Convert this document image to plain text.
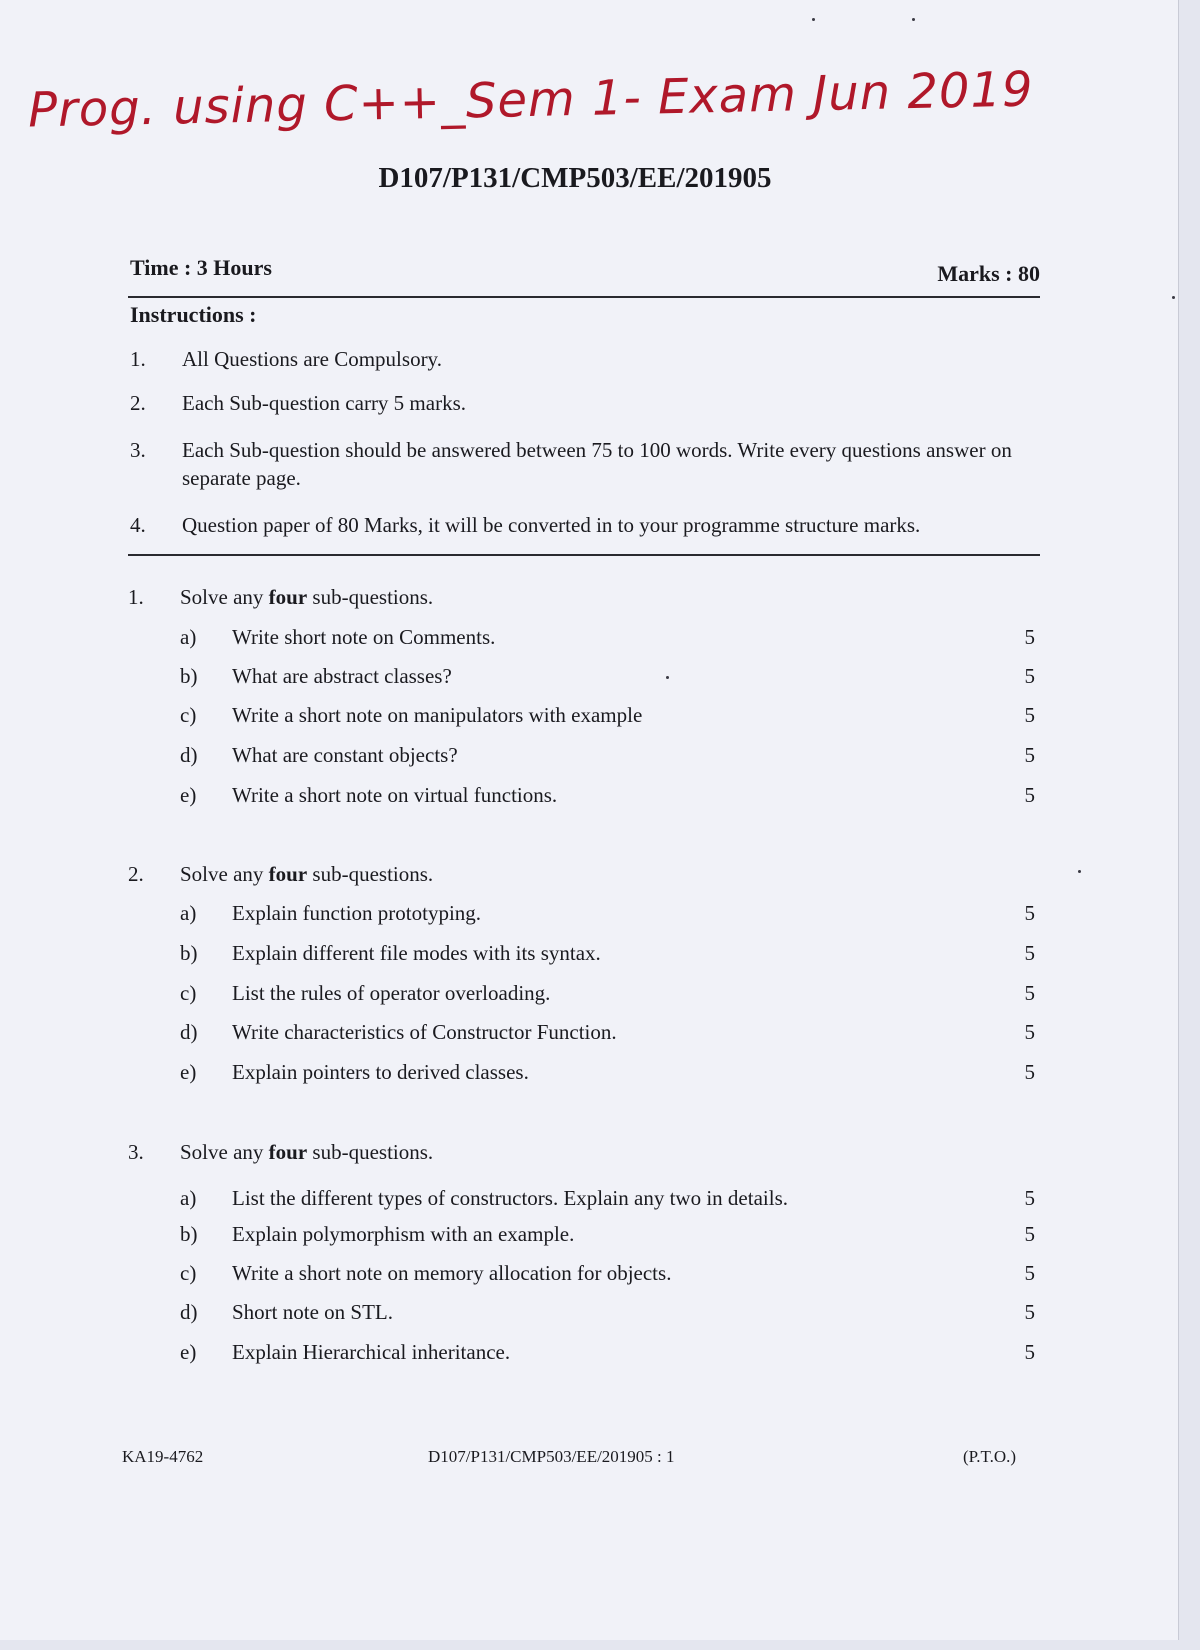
Prog. using C++_Sem 1- Exam Jun 2019
D107/P131/CMP503/EE/201905
Time : 3 Hours	Marks : 80
Instructions :
1. All Questions are Compulsory.
2. Each Sub-question carry 5 marks.
3. Each Sub-question should be answered between 75 to 100 words. Write every questions answer on separate page.
4. Question paper of 80 Marks, it will be converted in to your programme structure marks.
1. Solve any four sub-questions.
a) Write short note on Comments.	5
b) What are abstract classes?	5
c) Write a short note on manipulators with example	5
d) What are constant objects?	5
e) Write a short note on virtual functions.	5
2. Solve any four sub-questions.
a) Explain function prototyping.	5
b) Explain different file modes with its syntax.	5
c) List the rules of operator overloading.	5
d) Write characteristics of Constructor Function.	5
e) Explain pointers to derived classes.	5
3. Solve any four sub-questions.
a) List the different types of constructors. Explain any two in details.	5
b) Explain polymorphism with an example.	5
c) Write a short note on memory allocation for objects.	5
d) Short note on STL.	5
e) Explain Hierarchical inheritance.	5
KA19-4762	D107/P131/CMP503/EE/201905 : 1	(P.T.O.)
